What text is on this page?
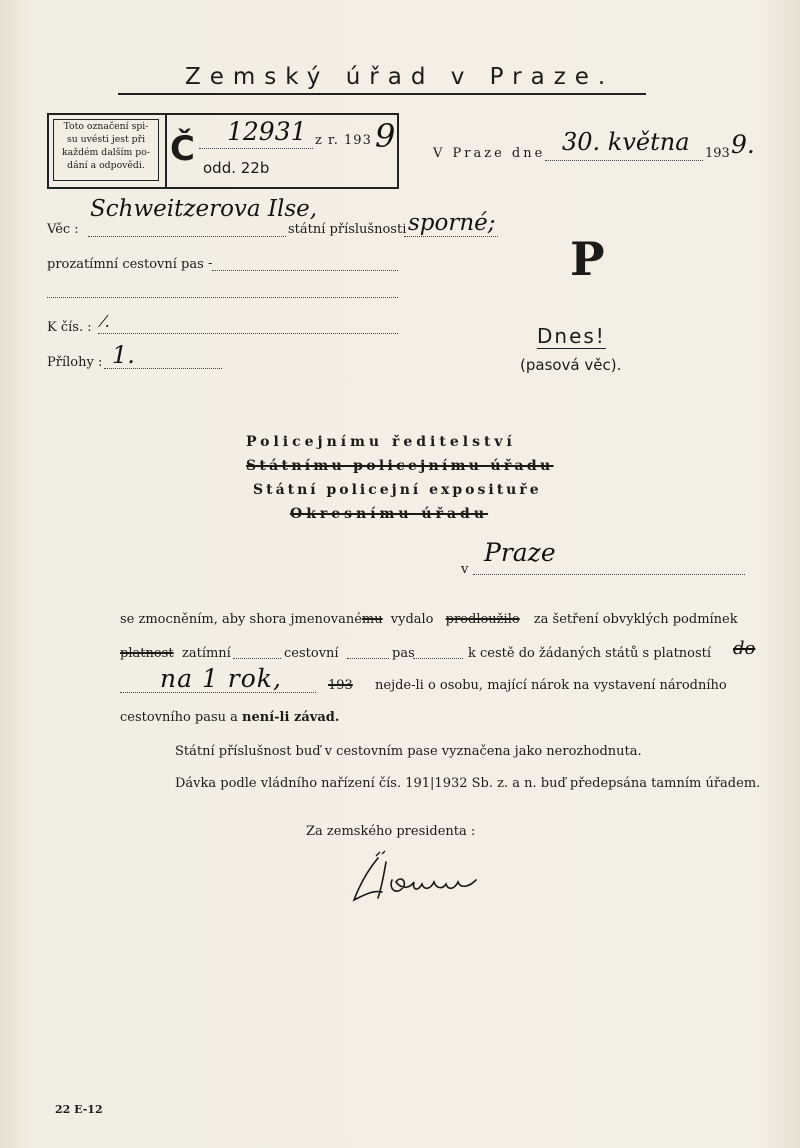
Zemský úřad v Praze.
Toto označení spi-
su uvésti jest při
každém dalším po-
dání a odpovědi. Č 12931 z r. 193 9
odd. 22b
V Praze dne 30. května 193 9.
Věc :
Schweitzerova Ilse,
státní příslušnosti sporné;
prozatímní cestovní pas -
K čís. : ⁄.
Přílohy : 1.
P
Dnes!
(pasová věc).
Policejnímu ředitelství
Státnímu policejnímu úřadu
Státní policejní exposituře
Okresnímu úřadu
v
Praze
se zmocněním, aby shora jmenovanému vydalo prodloužilo za šetření obvyklých podmínek
platnost zatímní	cestovní	pas	k cestě do žádaných států s platností do
na 1 rok,	193 nejde-li o osobu, mající nárok na vystavení národního
cestovního pasu a není-li závad.
Státní příslušnost buď v cestovním pase vyznačena jako nerozhodnuta.
Dávka podle vládního nařízení čís. 191|1932 Sb. z. a n. buď předepsána tamním úřadem.
Za zemského presidenta :
22 E-12
